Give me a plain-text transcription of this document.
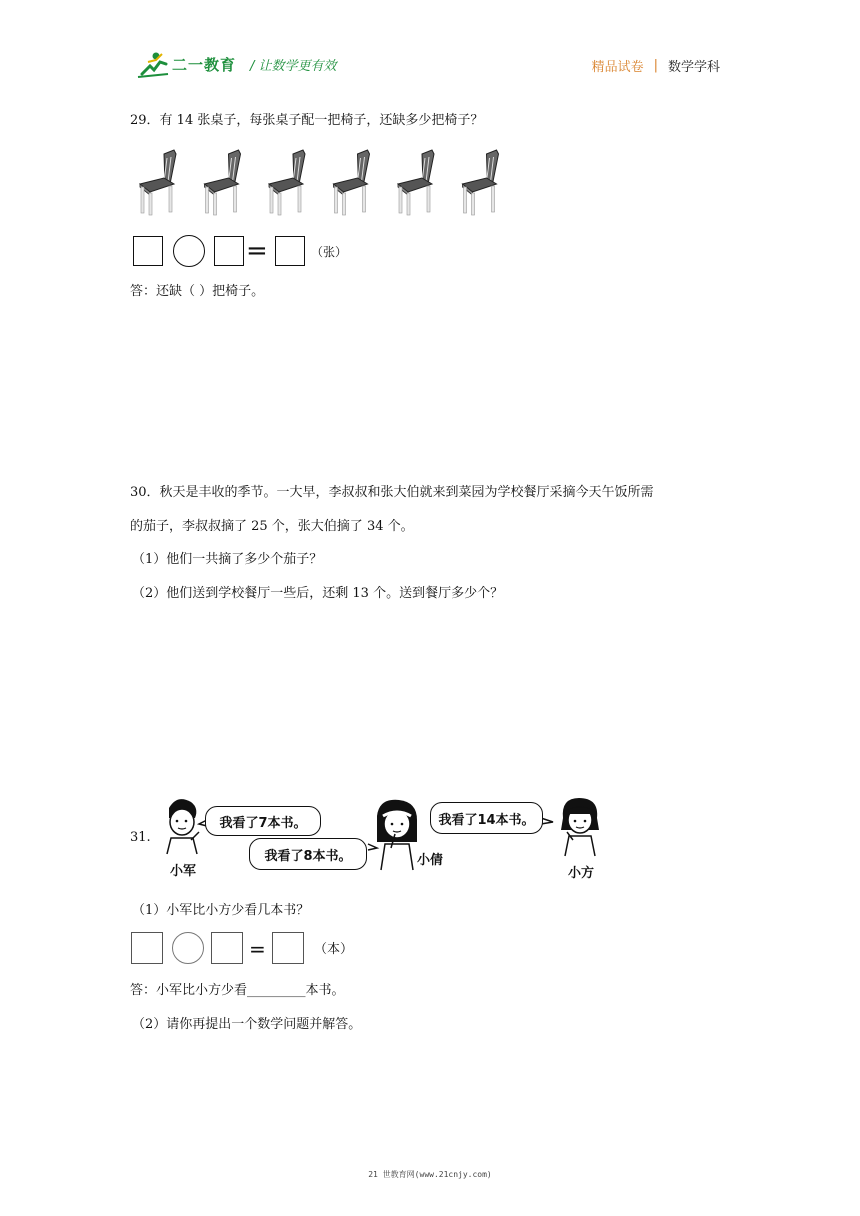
二一教育 / 让数学更有效	精品试卷 | 数学学科
29．有 14 张桌子，每张桌子配一把椅子，还缺多少把椅子？
=	（张）
答：还缺（ ）把椅子。
30．秋天是丰收的季节。一大早，李叔叔和张大伯就来到菜园为学校餐厅采摘今天午饭所需
的茄子，李叔叔摘了 25 个，张大伯摘了 34 个。
（1）他们一共摘了多少个茄子？
（2）他们送到学校餐厅一些后，还剩 13 个。送到餐厅多少个？
31.
我看了7本书。
小军
我看了8本书。	小倩
我看了14本书。
小方
（1）小军比小方少看几本书？
=	（本）
答：小军比小方少看_________本书。
（2）请你再提出一个数学问题并解答。
21 世教育网(www.21cnjy.com)
